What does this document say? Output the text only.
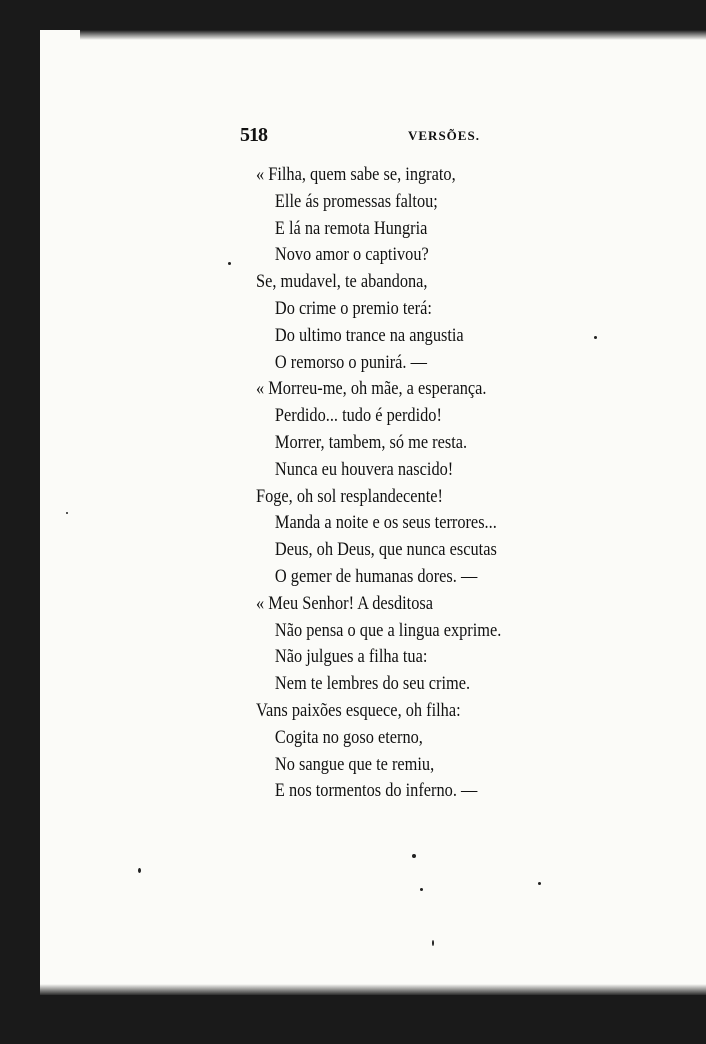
518	VERSÕES.
« Filha, quem sabe se, ingrato,
Elle ás promessas faltou;
E lá na remota Hungria
Novo amor o captivou?
Se, mudavel, te abandona,
Do crime o premio terá:
Do ultimo trance na angustia
O remorso o punirá. —
« Morreu-me, oh mãe, a esperança.
Perdido... tudo é perdido!
Morrer, tambem, só me resta.
Nunca eu houvera nascido!
Foge, oh sol resplandecente!
Manda a noite e os seus terrores...
Deus, oh Deus, que nunca escutas
O gemer de humanas dores. —
« Meu Senhor! A desditosa
Não pensa o que a lingua exprime.
Não julgues a filha tua:
Nem te lembres do seu crime.
Vans paixões esquece, oh filha:
Cogita no goso eterno,
No sangue que te remiu,
E nos tormentos do inferno. —
